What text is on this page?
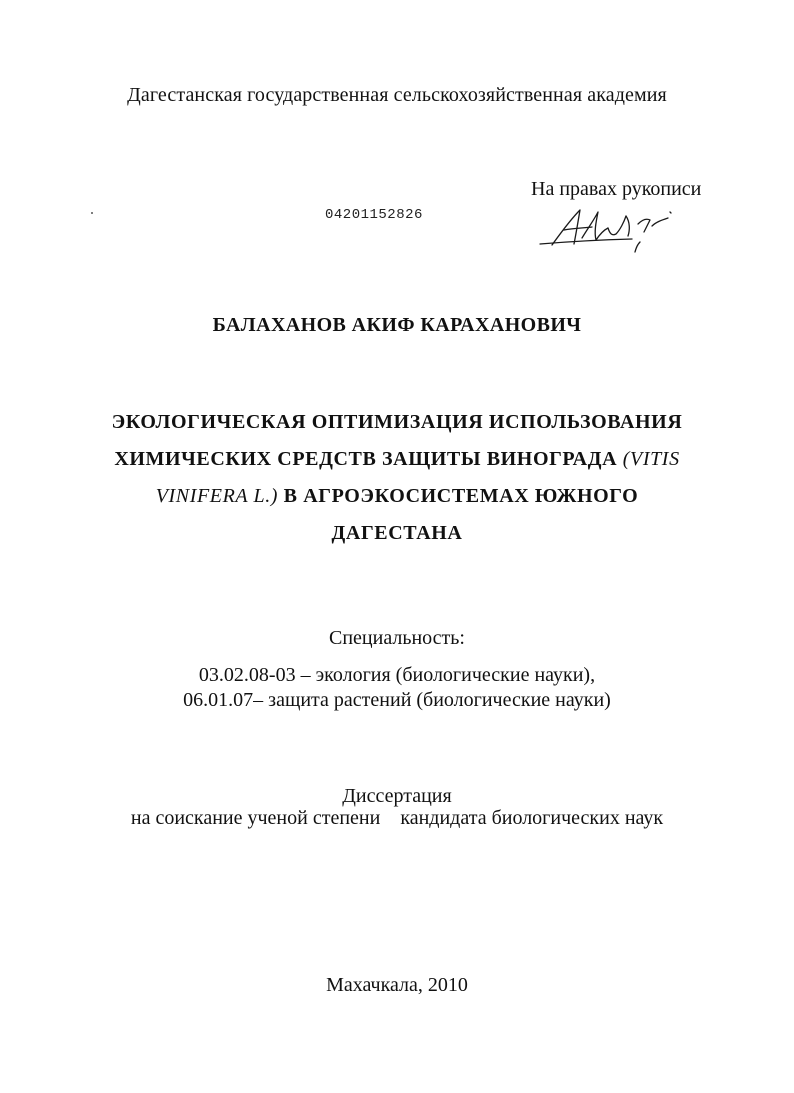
Дагестанская государственная сельскохозяйственная академия
На правах рукописи
04201152826
БАЛАХАНОВ АКИФ КАРАХАНОВИЧ
ЭКОЛОГИЧЕСКАЯ ОПТИМИЗАЦИЯ ИСПОЛЬЗОВАНИЯ
ХИМИЧЕСКИХ СРЕДСТВ ЗАЩИТЫ ВИНОГРАДА (VITIS
VINIFERA L.) В АГРОЭКОСИСТЕМАХ ЮЖНОГО
ДАГЕСТАНА
Специальность:
03.02.08-03 – экология (биологические науки),
06.01.07– защита растений (биологические науки)
Диссертация
на соискание ученой степени кандидата биологических наук
Махачкала, 2010
